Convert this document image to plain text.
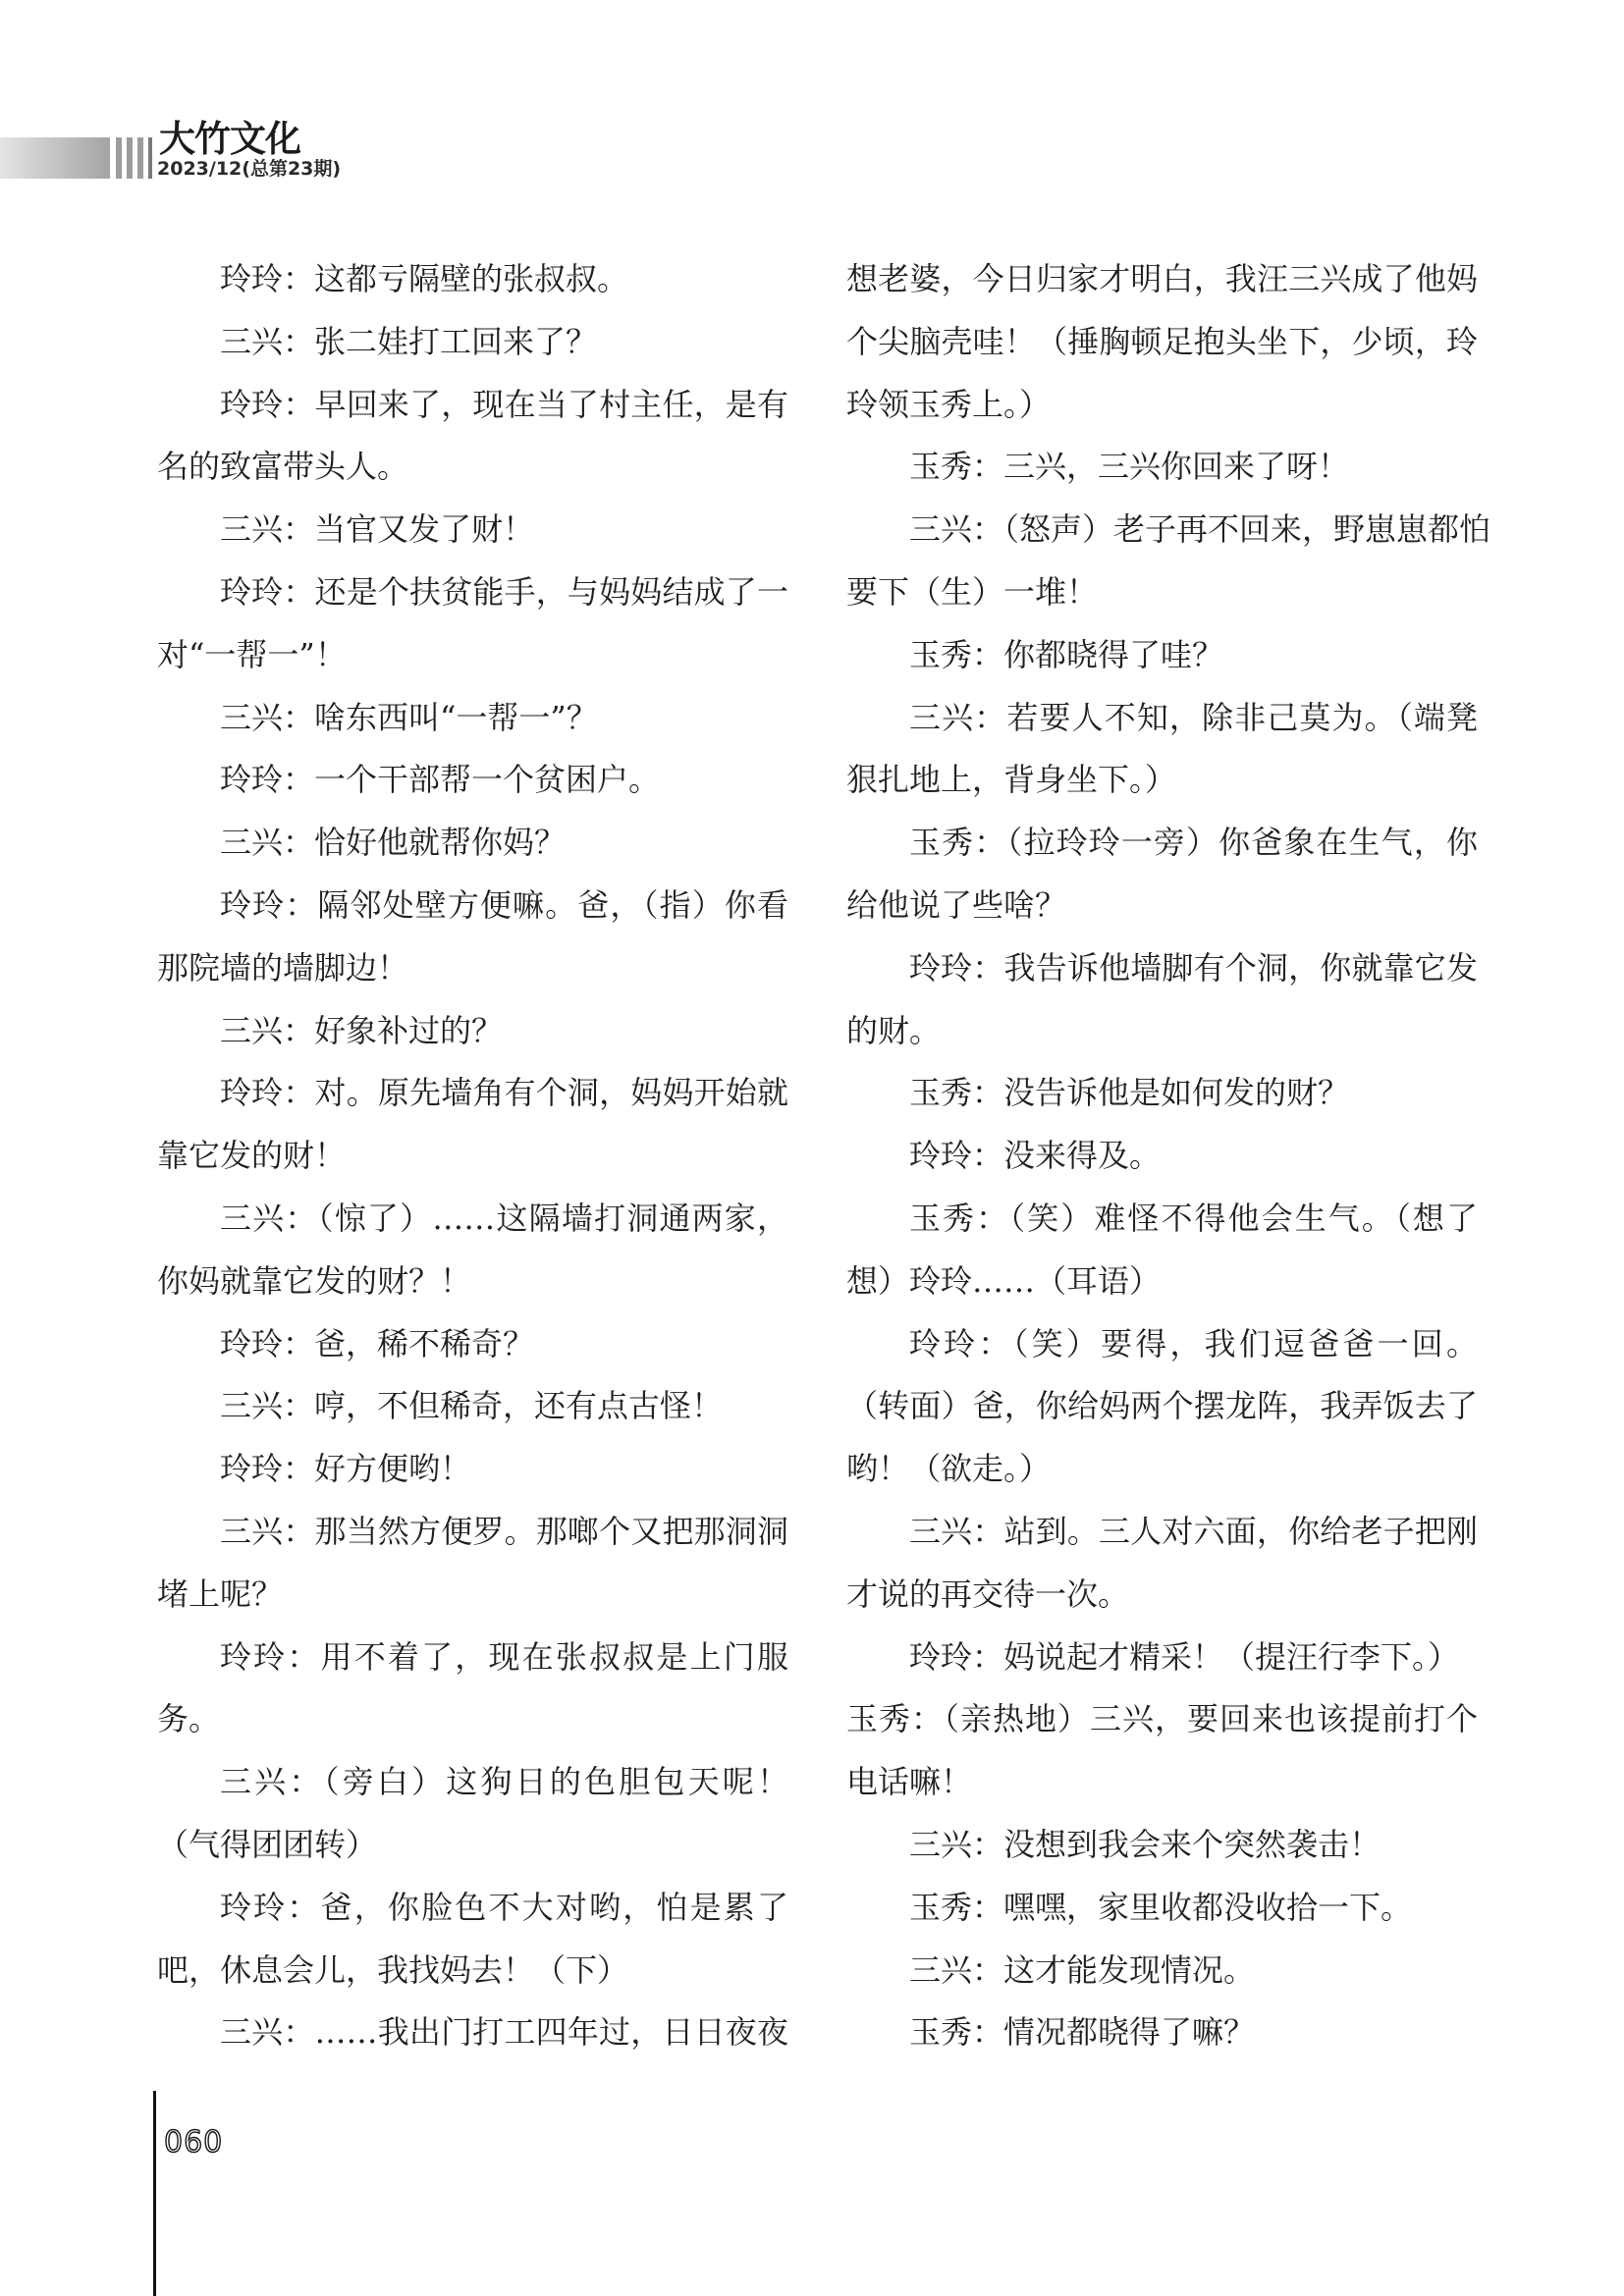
大竹文化
2023/12(总第23期)
玲玲：这都亏隔壁的张叔叔。
三兴：张二娃打工回来了？
玲玲：早回来了，现在当了村主任，是有
名的致富带头人。
三兴：当官又发了财！
玲玲：还是个扶贫能手，与妈妈结成了一
对“一帮一”！
三兴：啥东西叫“一帮一”？
玲玲：一个干部帮一个贫困户。
三兴：恰好他就帮你妈？
玲玲：隔邻处壁方便嘛。爸，（指）你看
那院墙的墙脚边！
三兴：好象补过的？
玲玲：对。原先墙角有个洞，妈妈开始就
靠它发的财！
三兴：（惊了）……这隔墙打洞通两家，
你妈就靠它发的财？！
玲玲：爸，稀不稀奇？
三兴：哼，不但稀奇，还有点古怪！
玲玲：好方便哟！
三兴：那当然方便罗。那啷个又把那洞洞
堵上呢？
玲玲：用不着了，现在张叔叔是上门服
务。
三兴：（旁白）这狗日的色胆包天呢！
（气得团团转）
玲玲：爸，你脸色不大对哟，怕是累了
吧，休息会儿，我找妈去！（下）
三兴：……我出门打工四年过，日日夜夜
想老婆，今日归家才明白，我汪三兴成了他妈
个尖脑壳哇！（捶胸顿足抱头坐下，少顷，玲
玲领玉秀上。）
玉秀：三兴，三兴你回来了呀！
三兴：（怒声）老子再不回来，野崽崽都怕
要下（生）一堆！
玉秀：你都晓得了哇？
三兴：若要人不知，除非己莫为。（端凳
狠扎地上，背身坐下。）
玉秀：（拉玲玲一旁）你爸象在生气，你
给他说了些啥？
玲玲：我告诉他墙脚有个洞，你就靠它发
的财。
玉秀：没告诉他是如何发的财？
玲玲：没来得及。
玉秀：（笑）难怪不得他会生气。（想了
想）玲玲……（耳语）
玲玲：（笑）要得，我们逗爸爸一回。
（转面）爸，你给妈两个摆龙阵，我弄饭去了
哟！（欲走。）
三兴：站到。三人对六面，你给老子把刚
才说的再交待一次。
玲玲：妈说起才精采！（提汪行李下。）
玉秀：（亲热地）三兴，要回来也该提前打个
电话嘛！
三兴：没想到我会来个突然袭击！
玉秀：嘿嘿，家里收都没收拾一下。
三兴：这才能发现情况。
玉秀：情况都晓得了嘛？
060
